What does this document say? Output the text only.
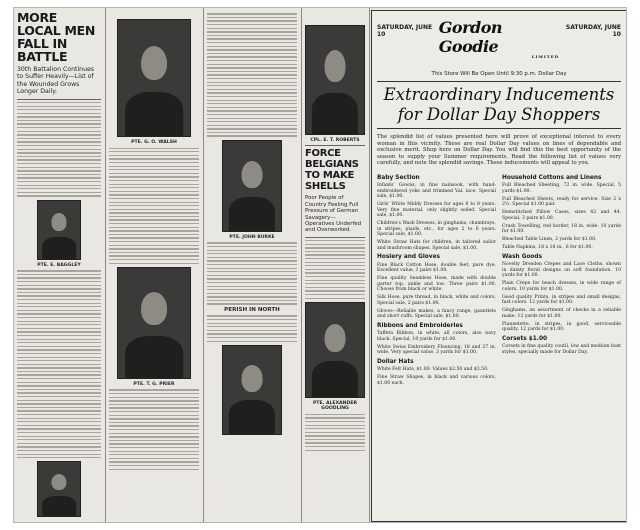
MORE LOCAL MEN FALL IN BATTLE
30th Battalion Continues to Suffer Heavily—List of the Wounded Grows Longer Daily.
PTE. E. BAGGLEY
PTE. G. O. WALSH
PTE. T. G. PRIER
PTE. JOHN BURKE
PERISH IN NORTH
CPL. E. T. ROBERTS
FORCE BELGIANS TO MAKE SHELLS
Poor People of Country Feeling Full Pressure of German Savagery—Operatives Underfed and Overworked.
PTE. ALEXANDER GOODLING
SATURDAY, JUNE 10	Gordon Goodie
LIMITED
SATURDAY, JUNE 10
This Store Will Be Open Until 9:30 p.m. Dollar Day
Extraordinary Inducements for Dollar Day Shoppers
The splendid list of values presented here will prove of exceptional interest to every woman in this vicinity. These are real Dollar Day values on lines of dependable and exclusive merit. Shop here on Dollar Day. You will find this the best opportunity of the season to supply your Summer requirements. Read the following list of values very carefully, and note the splendid savings. These inducements will appeal to you.
Baby Section
Infants' Gowns, in fine nainsook, with hand-embroidered yoke and trimmed Val. lace. Special sale, $1.00.
Girls' White Middy Dresses for ages 6 to 8 years. Very fine material, only slightly soiled. Special sale, $1.00.
Children's Wash Dresses, in ginghams, chambrays, in stripes, plaids, etc., for ages 2 to 6 years. Special sale, $1.00.
White Straw Hats for children, in tailored sailor and mushroom shapes. Special sale, $1.00.
Hosiery and Gloves
Fine Black Cotton Hose, double feet, pure dye. Excellent value, 3 pairs $1.00.
Fine quality Seamless Hose, made with double garter top, ankle and toe. Three pairs $1.00. Choose from black or white.
Silk Hose, pure thread, in black, white and colors. Special sale, 2 pairs $1.00.
Gloves—Reliable makes, a fancy range, gauntlets and short cuffs. Special sale, $1.00.
Ribbons and Embroideries
Taffeta Ribbon, in white, all colors, also navy black. Special, 10 yards for $1.00.
White Swiss Embroidery Flouncing, 18 and 27 in. wide. Very special value, 3 yards for $1.00.
Dollar Hats
White Felt Hats, $1.00. Values $2.50 and $3.50.
Fine Straw Shapes, in black and various colors, $1.00 each.
Household Cottons and Linens
Full Bleached Sheeting, 72 in. wide. Special, 5 yards $1.00.
Full Bleached Sheets, ready for service. Size 2 x 2½. Special $1.00 pair.
Hemstitched Pillow Cases, sizes 42 and 44. Special, 3 pairs $1.00.
Crash Towelling, red border, 18 in. wide. 10 yards for $1.00.
Bleached Table Linen, 2 yards for $1.00.
Table Napkins, 18 x 18 in., 6 for $1.00.
Wash Goods
Novelty Dresden Crepes and Lace Cloths, shown in dainty floral designs on soft foundation. 10 yards for $1.00.
Plain Crepe for beach dresses, in wide range of colors. 10 yards for $1.00.
Good quality Prints, in stripes and small designs, fast colors. 12 yards for $1.00.
Ginghams, an assortment of checks in a reliable make. 12 yards for $1.00.
Flannelette, in stripes, in good, serviceable quality. 12 yards for $1.00.
Corsets $1.00
Corsets in fine quality coutil, low and medium bust styles, specially made for Dollar Day.
